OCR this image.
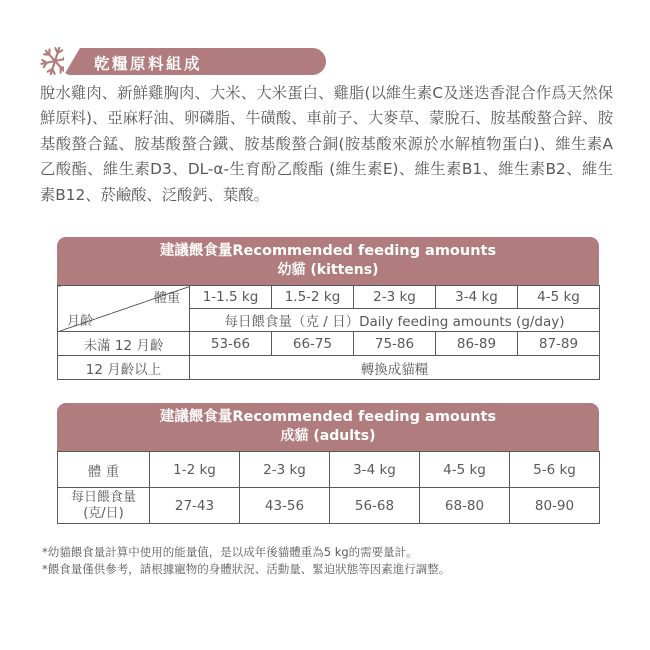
乾糧原料組成

脫水雞肉、新鮮雞胸肉、大米、大米蛋白、雞脂(以維生素C及迷迭香混合作爲天然保鮮原料)、亞麻籽油、卵磷脂、牛磺酸、車前子、大麥草、蒙脫石、胺基酸螯合鋅、胺基酸螯合錳、胺基酸螯合鐵、胺基酸螯合銅(胺基酸來源於水解植物蛋白)、維生素A乙酸酯、維生素D3、DL-α-生育酚乙酸酯 (維生素E)、維生素B1、維生素B2、維生素B12、菸鹼酸、泛酸鈣、葉酸。

建議餵食量Recommended feeding amounts
幼貓 (kittens)
體重
月齡	1-1.5 kg	1.5-2 kg	2-3 kg	3-4 kg	4-5 kg
	每日餵食量（克 / 日）Daily feeding amounts (g/day)				
未滿 12 月齡	53-66	66-75	75-86	86-89	87-89
12 月齡以上	轉換成貓糧				
建議餵食量Recommended feeding amounts
成貓 (adults)
體 重	1-2 kg	2-3 kg	3-4 kg	4-5 kg	5-6 kg

每日餵食量
(克/日)	27-43	43-56	56-68	68-80	80-90
*幼貓餵食量計算中使用的能量值，是以成年後貓體重為5 kg的需要量計。
*餵食量僅供參考，請根據寵物的身體狀況、活動量、緊迫狀態等因素進行調整。
